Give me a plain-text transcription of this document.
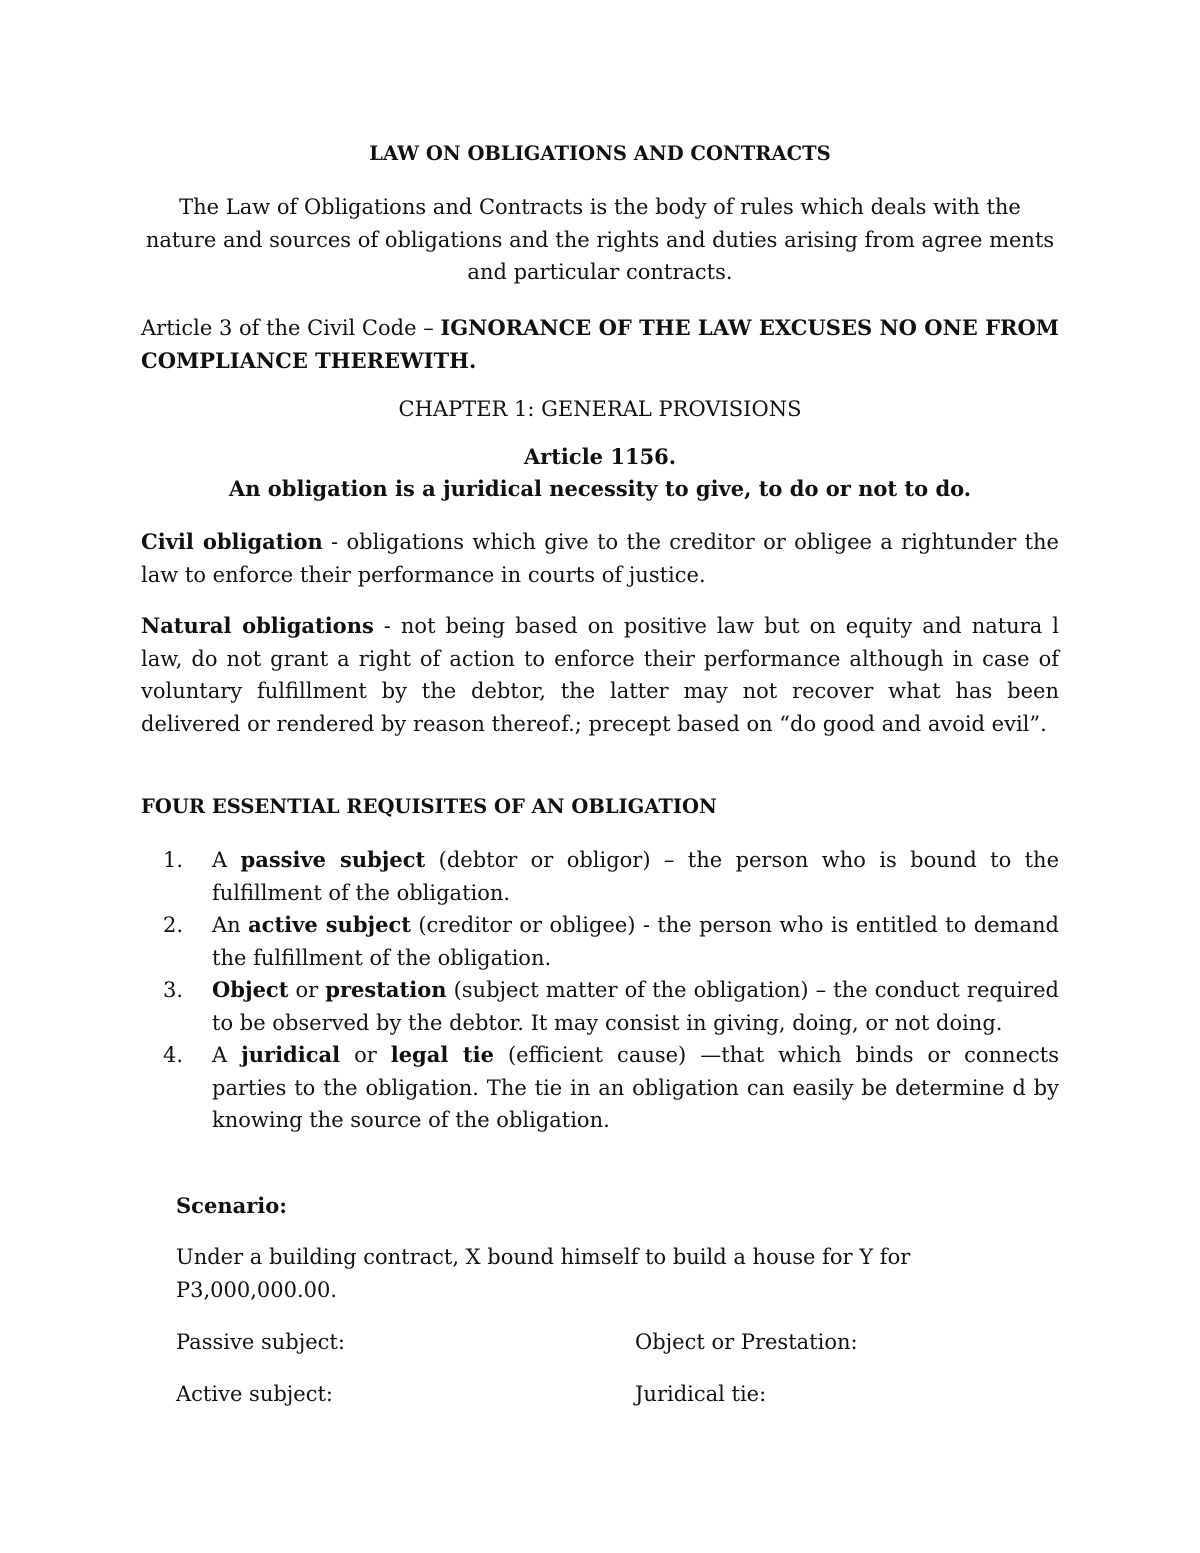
LAW ON OBLIGATIONS AND CONTRACTS

The Law of Obligations and Contracts is the body of rules which deals with the nature and sources of obligations and the rights and duties arising from agree ments and particular contracts.

Article 3 of the Civil Code – IGNORANCE OF THE LAW EXCUSES NO ONE FROM COMPLIANCE THEREWITH.

CHAPTER 1: GENERAL PROVISIONS

Article 1156.

An obligation is a juridical necessity to give, to do or not to do.

Civil obligation - obligations which give to the creditor or obligee a rightunder the law to enforce their performance in courts of justice.

Natural obligations - not being based on positive law but on equity and natura l law, do not grant a right of action to enforce their performance although in case of voluntary fulfillment by the debtor, the latter may not recover what has been delivered or rendered by reason thereof.; precept based on “do good and avoid evil”.

FOUR ESSENTIAL REQUISITES OF AN OBLIGATION

1. A passive subject (debtor or obligor) – the person who is bound to the fulfillment of the obligation.
2. An active subject (creditor or obligee) - the person who is entitled to demand the fulfillment of the obligation.
3. Object or prestation (subject matter of the obligation) – the conduct required to be observed by the debtor. It may consist in giving, doing, or not doing.
4. A juridical or legal tie (efficient cause) —that which binds or connects parties to the obligation. The tie in an obligation can easily be determine d by knowing the source of the obligation.

Scenario:

Under a building contract, X bound himself to build a house for Y for P3,000,000.00.

Passive subject:	Object or Prestation:
Active subject:	Juridical tie:
